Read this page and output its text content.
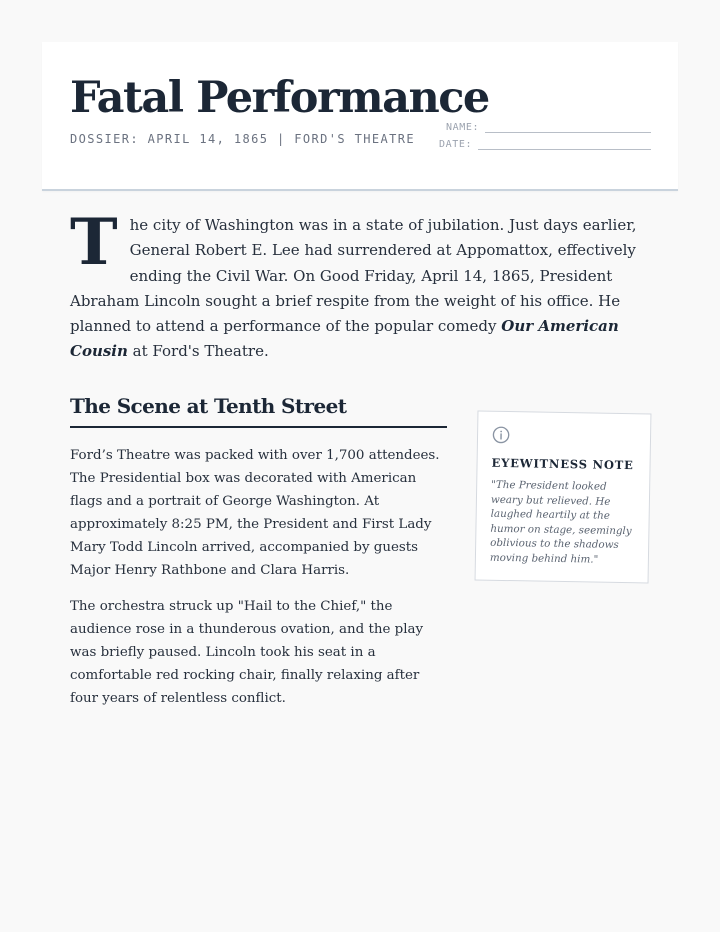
Fatal Performance
DOSSIER: APRIL 14, 1865 | FORD'S THEATRE
NAME:
DATE:

The city of Washington was in a state of jubilation. Just days earlier, General Robert E. Lee had surrendered at Appomattox, effectively ending the Civil War. On Good Friday, April 14, 1865, President Abraham Lincoln sought a brief respite from the weight of his office. He planned to attend a performance of the popular comedy Our American Cousin at Ford's Theatre.

The Scene at Tenth Street

Ford’s Theatre was packed with over 1,700 attendees. The Presidential box was decorated with American flags and a portrait of George Washington. At approximately 8:25 PM, the President and First Lady Mary Todd Lincoln arrived, accompanied by guests Major Henry Rathbone and Clara Harris.

The orchestra struck up "Hail to the Chief," the audience rose in a thunderous ovation, and the play was briefly paused. Lincoln took his seat in a comfortable red rocking chair, finally relaxing after four years of relentless conflict.

EYEWITNESS NOTE
"The President looked weary but relieved. He laughed heartily at the humor on stage, seemingly oblivious to the shadows moving behind him."
